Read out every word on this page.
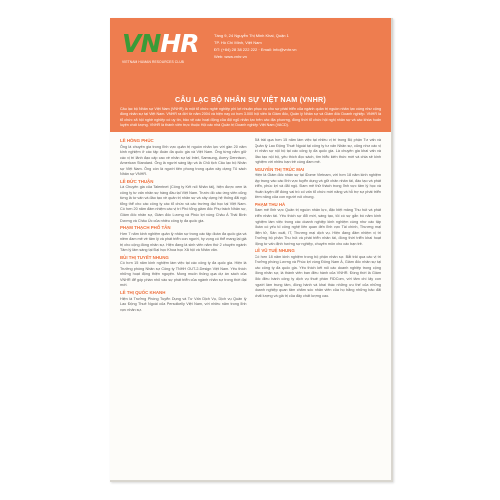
VNHR
VIETNAM HUMAN RESOURCES CLUB
Tầng 9, 24 Nguyễn Thị Minh Khai, Quận 1
TP. Hồ Chí Minh, Việt Nam
ĐT: (+84) 28 38 222 222 · Email: info@vnhr.vn
Web: www.vnhr.vn
CÂU LẠC BỘ NHÂN SỰ VIỆT NAM (VNHR)
Câu lạc bộ Nhân sự Việt Nam (VNHR) là một tổ chức nghề nghiệp phi lợi nhuận phục vụ cho sự phát triển của ngành quản trị nguồn nhân lực cùng như cộng đồng nhân sự tại Việt Nam. VNHR ra đời từ năm 2004 và hiện nay có hơn 3.000 hội viên là Giám đốc, Quản lý Nhân sự và Giám đốc Doanh nghiệp. VNHR là tổ chức xã hội nghề nghiệp có uy tín, bảo vệ các hoạt động của đội ngũ nhân lực trên các địa phương, đồng thời tổ chức hội nghị nhân sự và các khóa huấn luyện chất lượng. VNHR là thành viên trực thuộc Hội các nhà Quản trị Doanh nghiệp Việt Nam (VACD).
LÊ HỒNG PHÚC
Ông là chuyên gia trong lĩnh vực quản trị nguồn nhân lực với gần 20 năm kinh nghiệm ở các tập đoàn đa quốc gia và Việt Nam. Ông từng nắm giữ các vị trí lãnh đạo cấp cao về nhân sự tại Intel, Samsung, Avery Dennison, American Standard. Ông là người sáng lập và là Chủ tịch Câu lạc bộ Nhân sự Việt Nam. Ông còn là người tiên phong trong quản xây dựng Tủ sách Nhân sự VNHR.
LÊ ĐỨC THUẬN
Là Chuyên gia của Talentnet (Công ty Kết nối Nhân tài), hiện được xem là công ty tư vấn nhân sự hàng đầu tại Việt Nam. Trước đó các ứng viên cũng từng là tư vấn và đào tạo về quản trị nhân sự và xây dựng hệ thống đãi ngộ tổng thể cho các công ty các tổ chức và các trường đại học tại Việt Nam. Có hơn 20 năm đảm nhiệm các vị trí Phó tổng giám đốc Phụ trách Nhân sự, Giám đốc nhân sự, Giám đốc Lương và Phúc lợi vùng Châu Á Thái Bình Dương và Châu Úc của nhiều công ty đa quốc gia.
PHẠM THẠCH PHỔ TÂN
Hơn 7 năm kinh nghiệm quản lý nhân sự trong các tập đoàn đa quốc gia và niềm đam mê về tâm lý và phát triển con người, hy vọng có thể mang lại giá trị cho cộng đồng nhân sự. Hiện đang là sinh viên năm thứ 2 chuyên ngành Tâm lý lâm sàng tại Đại học Khoa học Xã hội và Nhân văn.
BÙI THỊ TUYẾT NHUNG
Có hơn 15 năm kinh nghiệm làm việc tại các công ty đa quốc gia. Hiện là Trưởng phòng Nhân sự Công ty TNHH OUT-2-Design Việt Nam. Yêu thích những hoạt động thiện nguyện. Mong muốn thông qua dự án sách của VNHR để góp phần nhỏ vào sự phát triển của ngành nhân sự trong thời đại mới.
LÊ THỊ QUỐC KHANH
Hiện là Trưởng Phòng Tuyển Dụng và Tư Vấn Dịch Vụ, Dịch vụ Quản lý Lao Động Thuê Ngoài của Persolkelly Việt Nam, với nhiều năm trong lĩnh vực nhân sự.
Đã trải qua hơn 15 năm làm việc tại nhiều vị trí trong Bộ phận Tư vấn và Quản lý Lao Động Thuê Ngoài tại công ty tư vấn Nhân sự, cũng như các vị trí nhân sự nội bộ tại các công ty đa quốc gia. Là chuyên gia khai vấn và đào tạo nội bộ, yêu thích đọc sách, tìm hiểu kiến thức mới và chia sẻ kinh nghiệm với nhiều bạn trẻ cùng đam mê.
NGUYỄN THỊ TRÚC MAI
Hiện là Giám đốc nhân sự tại iDome Vietnam, với hơn 18 năm kinh nghiệm tập trung vào các lĩnh vực tuyển dụng và giữ chân nhân tài, đào tạo và phát triển, phúc lợi và đãi ngộ. Đam mê thử thách trong lĩnh vực tâm lý học và Huấn luyện để đóng vai trò cố vấn tổ chức mới năng và hỗ trợ sự phát triển tiềm năng của con người nói chung.
PHẠM THU HÀ
Đam mê lĩnh vực Quản trị nguồn nhân lực, đặc biệt mảng Thu hút và phát triển nhân tài. Yêu thích sự đổi mới, sáng tạo, tôi có sự gắn bó năm kinh nghiệm làm việc trong các doanh nghiệp kinh nghiệm cùng như các tập đoàn có yếu tố công nghệ liên quan đến lĩnh vực Tài chính, Thương mại điện tử, Sản xuất, IT, Thương mại dịch vụ. Hiện đang đảm nhiệm vị trí Trưởng bộ phận Thu hút và phát triển nhân tài, đồng thời triển khai hoạt động tư vấn định hướng sự nghiệp, chuyên môn cho các bạn trẻ.
LÊ VŨ TUỆ NHUNG
Có hơn 18 năm kinh nghiệm trong bộ phận nhân sự. Bắt trải qua các vị trí Trưởng phòng Lương và Phúc lợi vùng Đông Nam Á, Giám đốc nhân sự tại các công ty đa quốc gia. Yêu thích kết nối các doanh nghiệp trong cộng đồng nhân sự, là thành viên ban điều hành của VNHR. Đồng thời là Giám đốc điều hành công ty dịch vụ thuê phần FIDCom, với tâm chí lấy con người làm trung tâm, đồng hành và khai thác những ưu thế của những doanh nghiệp quan tâm chăm sóc nhân viên của họ bằng những bảo đãi chất lượng và giá trị của đây chất lượng cao.
